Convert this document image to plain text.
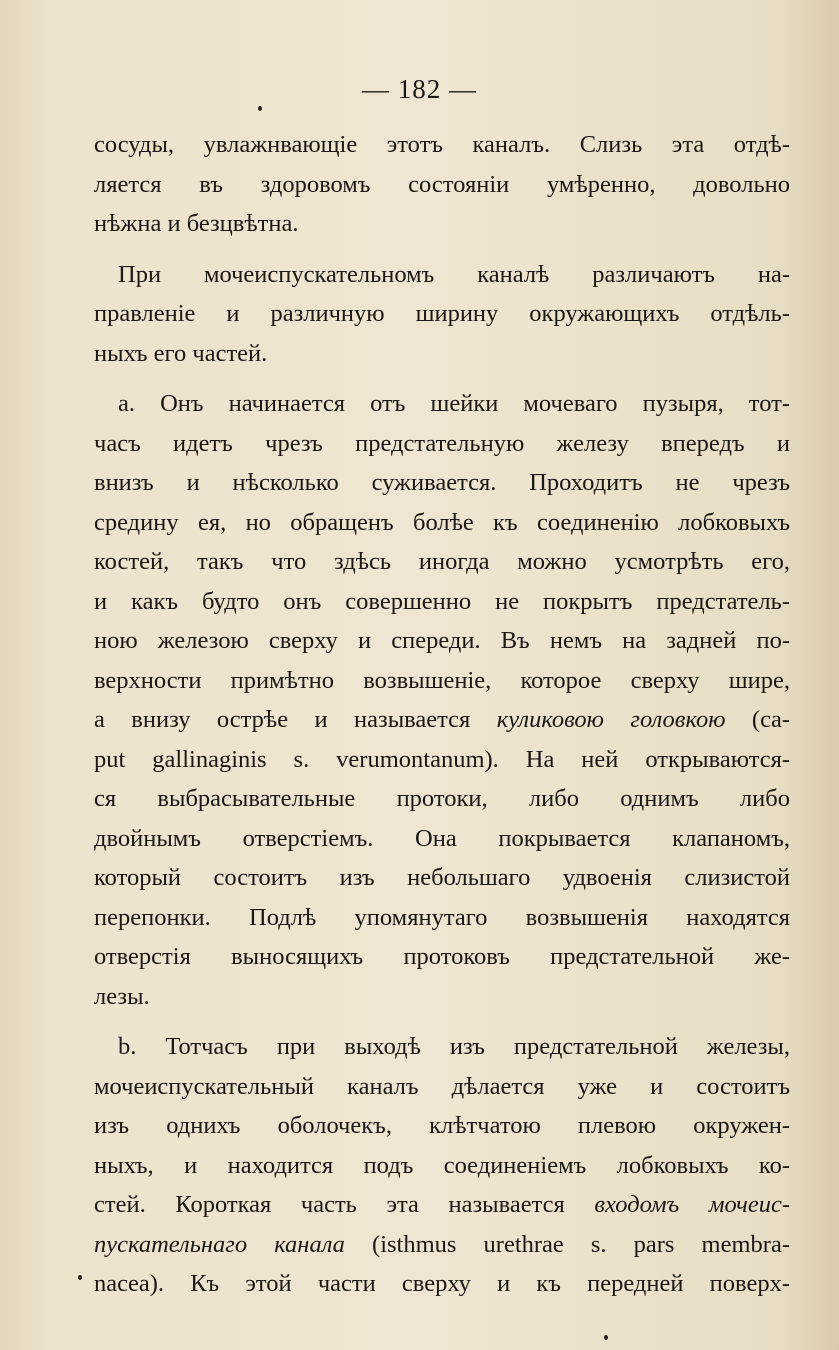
— 182 —
сосуды, увлажнвающіе этотъ каналъ. Слизь эта отдѣ-
ляется въ здоровомъ состояніи умѣренно, довольно
нѣжна и безцвѣтна.
При мочеиспускательномъ каналѣ различаютъ на-
правленіе и различную ширину окружающихъ отдѣль-
ныхъ его частей.
a. Онъ начинается отъ шейки мочеваго пузыря, тот-
часъ идетъ чрезъ предстательную железу впередъ и
внизъ и нѣсколько суживается. Проходитъ не чрезъ
средину ея, но обращенъ болѣе къ соединенію лобковыхъ
костей, такъ что здѣсь иногда можно усмотрѣть его,
и какъ будто онъ совершенно не покрытъ предстатель-
ною железою сверху и спереди. Въ немъ на задней по-
верхности примѣтно возвышеніе, которое сверху шире,
а внизу острѣе и называется куликовою головкою (ca-
put gallinaginis s. verumontanum). На ней открываются-
ся выбрасывательные протоки, либо однимъ либо
двойнымъ отверстіемъ. Она покрывается клапаномъ,
который состоитъ изъ небольшаго удвоенія слизистой
перепонки. Подлѣ упомянутаго возвышенія находятся
отверстія выносящихъ протоковъ предстательной же-
лезы.
b. Тотчасъ при выходѣ изъ предстательной железы,
мочеиспускательный каналъ дѣлается уже и состоитъ
изъ однихъ оболочекъ, клѣтчатою плевою окружен-
ныхъ, и находится подъ соединеніемъ лобковыхъ ко-
стей. Короткая часть эта называется входомъ мочеис-
пускательнаго канала (isthmus urethrae s. pars membra-
nacea). Къ этой части сверху и къ передней поверх-
